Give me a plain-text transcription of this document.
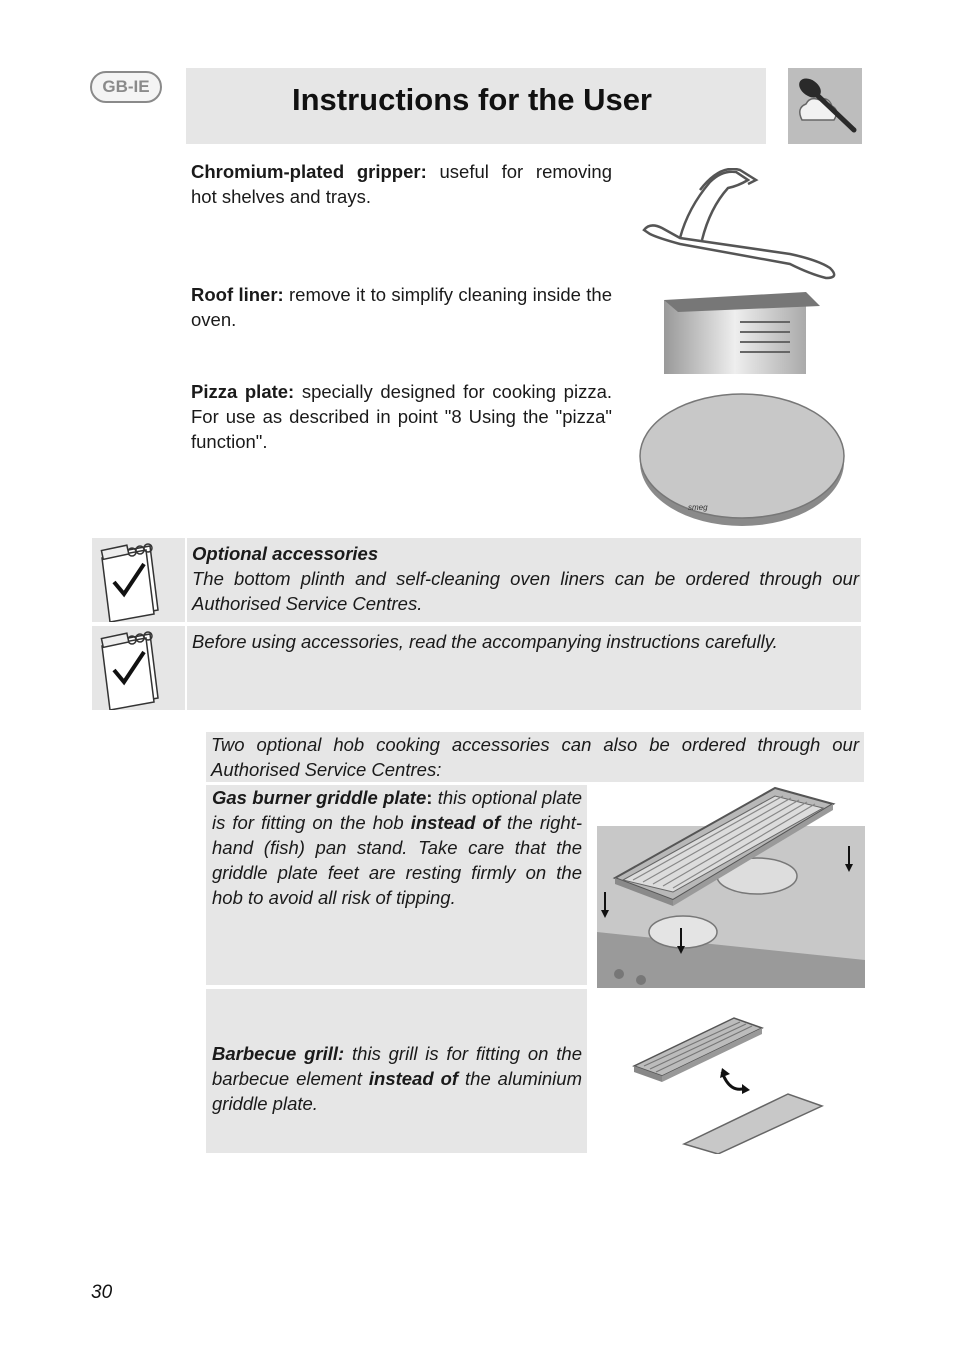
GB-IE	Instructions for the User
Chromium-plated gripper: useful for removing hot shelves and trays.
Roof liner: remove it to simplify cleaning inside the oven.
Pizza plate: specially designed for cooking pizza. For use as described in point "8 Using the "pizza" function".
smeg
Optional accessories
The bottom plinth and self-cleaning oven liners can be ordered through our Authorised Service Centres.
Before using accessories, read the accompanying instructions carefully.
Two optional hob cooking accessories can also be ordered through our Authorised Service Centres:
Gas burner griddle plate: this optional plate is for fitting on the hob instead of the right-hand (fish) pan stand. Take care that the griddle plate feet are resting firmly on the hob to avoid all risk of tipping.
Barbecue grill: this grill is for fitting on the barbecue element instead of the aluminium griddle plate.
30
